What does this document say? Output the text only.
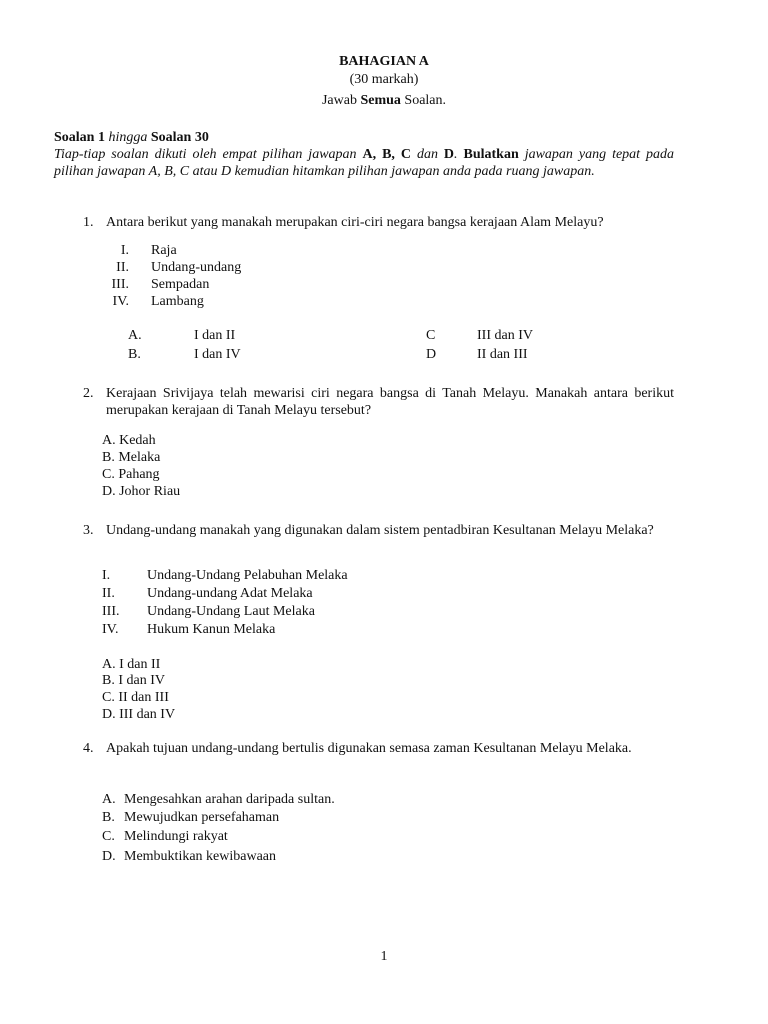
BAHAGIAN A
(30 markah)
Jawab Semua Soalan.
Soalan 1 hingga Soalan 30
Tiap-tiap soalan dikuti oleh empat pilihan jawapan A, B, C dan D. Bulatkan jawapan yang tepat pada pilihan jawapan A, B, C atau D kemudian hitamkan pilihan jawapan anda pada ruang jawapan.
1. Antara berikut yang manakah merupakan ciri-ciri negara bangsa kerajaan Alam Melayu?
I. Raja
II. Undang-undang
III. Sempadan
IV. Lambang
A.	I dan II
B.	I dan IV
C	III dan IV
D	II dan III
2. Kerajaan Srivijaya telah mewarisi ciri negara bangsa di Tanah Melayu. Manakah antara berikut merupakan kerajaan di Tanah Melayu tersebut?
A. Kedah
B. Melaka
C. Pahang
D. Johor Riau
3. Undang-undang manakah yang digunakan dalam sistem pentadbiran Kesultanan Melayu Melaka?
I.	Undang-Undang Pelabuhan Melaka
II. Undang-undang Adat Melaka
III. Undang-Undang Laut Melaka
IV. Hukum Kanun Melaka
A. I dan II
B. I dan IV
C. II dan III
D. III dan IV
4. Apakah tujuan undang-undang bertulis digunakan semasa zaman Kesultanan Melayu Melaka.
A. Mengesahkan arahan daripada sultan.
B. Mewujudkan persefahaman
C. Melindungi rakyat
D. Membuktikan kewibawaan
1
